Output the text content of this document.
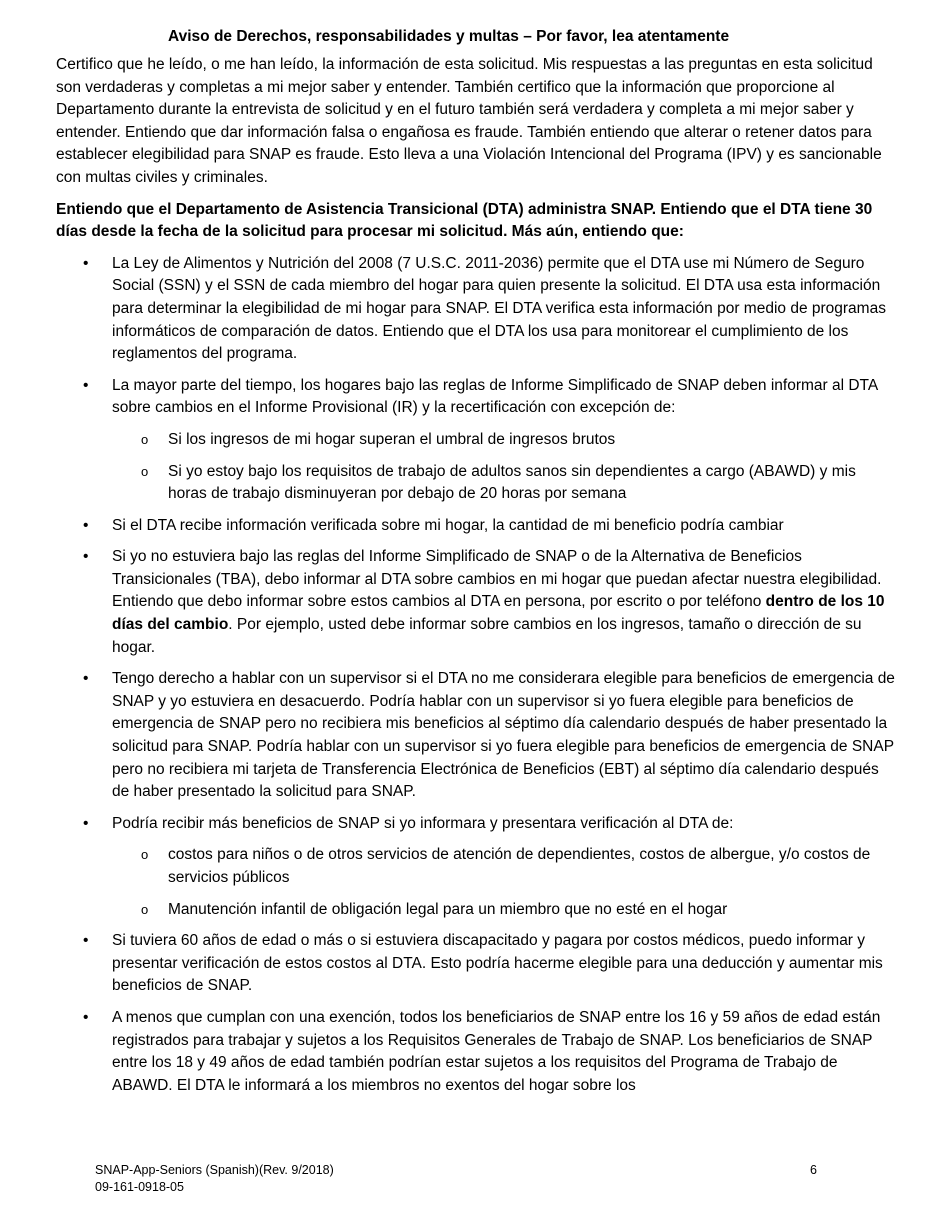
Aviso de Derechos, responsabilidades y multas – Por favor, lea atentamente

Certifico que he leído, o me han leído, la información de esta solicitud. Mis respuestas a las preguntas en esta solicitud son verdaderas y completas a mi mejor saber y entender. También certifico que la información que proporcione al Departamento durante la entrevista de solicitud y en el futuro también será verdadera y completa a mi mejor saber y entender. Entiendo que dar información falsa o engañosa es fraude. También entiendo que alterar o retener datos para establecer elegibilidad para SNAP es fraude. Esto lleva a una Violación Intencional del Programa (IPV) y es sancionable con multas civiles y criminales.

Entiendo que el Departamento de Asistencia Transicional (DTA) administra SNAP. Entiendo que el DTA tiene 30 días desde la fecha de la solicitud para procesar mi solicitud. Más aún, entiendo que:

• La Ley de Alimentos y Nutrición del 2008 (7 U.S.C. 2011-2036) permite que el DTA use mi Número de Seguro Social (SSN) y el SSN de cada miembro del hogar para quien presente la solicitud. El DTA usa esta información para determinar la elegibilidad de mi hogar para SNAP. El DTA verifica esta información por medio de programas informáticos de comparación de datos. Entiendo que el DTA los usa para monitorear el cumplimiento de los reglamentos del programa.
• La mayor parte del tiempo, los hogares bajo las reglas de Informe Simplificado de SNAP deben informar al DTA sobre cambios en el Informe Provisional (IR) y la recertificación con excepción de:
o Si los ingresos de mi hogar superan el umbral de ingresos brutos
o Si yo estoy bajo los requisitos de trabajo de adultos sanos sin dependientes a cargo (ABAWD) y mis horas de trabajo disminuyeran por debajo de 20 horas por semana
• Si el DTA recibe información verificada sobre mi hogar, la cantidad de mi beneficio podría cambiar
• Si yo no estuviera bajo las reglas del Informe Simplificado de SNAP o de la Alternativa de Beneficios Transicionales (TBA), debo informar al DTA sobre cambios en mi hogar que puedan afectar nuestra elegibilidad. Entiendo que debo informar sobre estos cambios al DTA en persona, por escrito o por teléfono dentro de los 10 días del cambio. Por ejemplo, usted debe informar sobre cambios en los ingresos, tamaño o dirección de su hogar.
• Tengo derecho a hablar con un supervisor si el DTA no me considerara elegible para beneficios de emergencia de SNAP y yo estuviera en desacuerdo. Podría hablar con un supervisor si yo fuera elegible para beneficios de emergencia de SNAP pero no recibiera mis beneficios al séptimo día calendario después de haber presentado la solicitud para SNAP. Podría hablar con un supervisor si yo fuera elegible para beneficios de emergencia de SNAP pero no recibiera mi tarjeta de Transferencia Electrónica de Beneficios (EBT) al séptimo día calendario después de haber presentado la solicitud para SNAP.
• Podría recibir más beneficios de SNAP si yo informara y presentara verificación al DTA de:
o costos para niños o de otros servicios de atención de dependientes, costos de albergue, y/o costos de servicios públicos
o Manutención infantil de obligación legal para un miembro que no esté en el hogar
• Si tuviera 60 años de edad o más o si estuviera discapacitado y pagara por costos médicos, puedo informar y presentar verificación de estos costos al DTA. Esto podría hacerme elegible para una deducción y aumentar mis beneficios de SNAP.
• A menos que cumplan con una exención, todos los beneficiarios de SNAP entre los 16 y 59 años de edad están registrados para trabajar y sujetos a los Requisitos Generales de Trabajo de SNAP. Los beneficiarios de SNAP entre los 18 y 49 años de edad también podrían estar sujetos a los requisitos del Programa de Trabajo de ABAWD. El DTA le informará a los miembros no exentos del hogar sobre los
SNAP-App-Seniors (Spanish)(Rev. 9/2018)
09-161-0918-05
6
